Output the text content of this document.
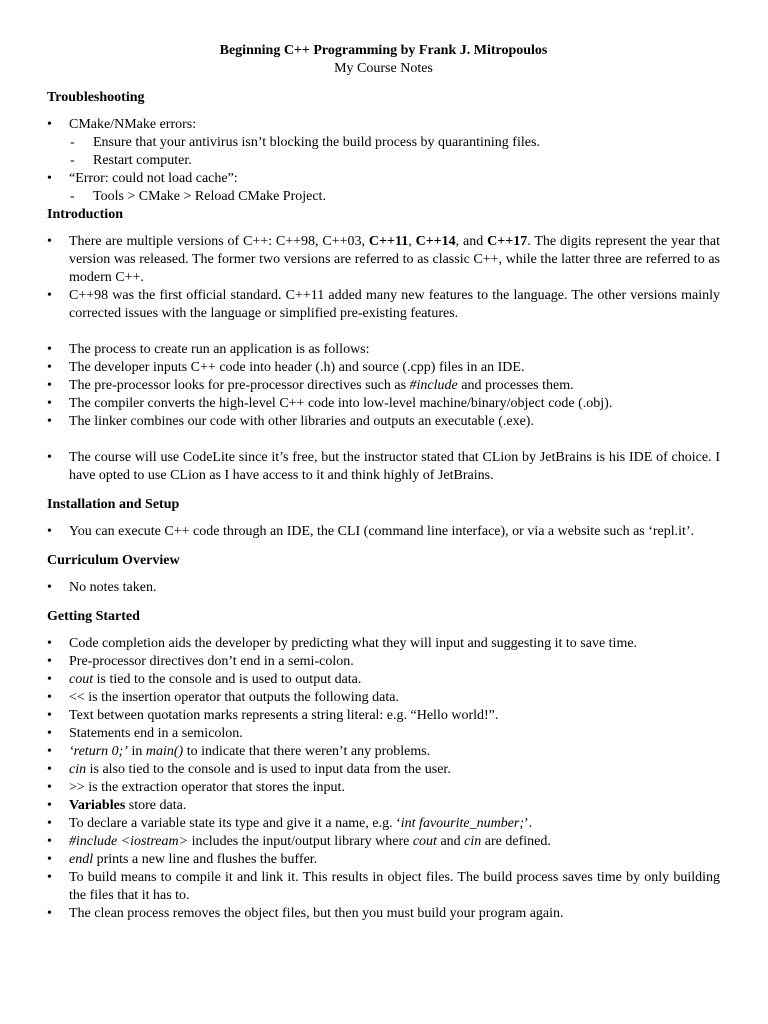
Beginning C++ Programming by Frank J. Mitropoulos
My Course Notes
Troubleshooting
•	CMake/NMake errors:
- Ensure that your antivirus isn’t blocking the build process by quarantining files.
- Restart computer.
•	“Error: could not load cache”:
- Tools > CMake > Reload CMake Project.
Introduction
•	There are multiple versions of C++: C++98, C++03, C++11, C++14, and C++17. The digits represent the year that version was released. The former two versions are referred to as classic C++, while the latter three are referred to as modern C++.
•	C++98 was the first official standard. C++11 added many new features to the language. The other versions mainly corrected issues with the language or simplified pre-existing features.
•	The process to create run an application is as follows:
•	The developer inputs C++ code into header (.h) and source (.cpp) files in an IDE.
•	The pre-processor looks for pre-processor directives such as #include and processes them.
•	The compiler converts the high-level C++ code into low-level machine/binary/object code (.obj).
•	The linker combines our code with other libraries and outputs an executable (.exe).
•	The course will use CodeLite since it’s free, but the instructor stated that CLion by JetBrains is his IDE of choice. I have opted to use CLion as I have access to it and think highly of JetBrains.
Installation and Setup
•	You can execute C++ code through an IDE, the CLI (command line interface), or via a website such as ‘repl.it’.
Curriculum Overview
•	No notes taken.
Getting Started
•	Code completion aids the developer by predicting what they will input and suggesting it to save time.
•	Pre-processor directives don’t end in a semi-colon.
•	cout is tied to the console and is used to output data.
•	<< is the insertion operator that outputs the following data.
•	Text between quotation marks represents a string literal: e.g. “Hello world!”.
•	Statements end in a semicolon.
•	‘return 0;’ in main() to indicate that there weren’t any problems.
•	cin is also tied to the console and is used to input data from the user.
•	>> is the extraction operator that stores the input.
•	Variables store data.
•	To declare a variable state its type and give it a name, e.g. ‘int favourite_number;’.
•	#include <iostream> includes the input/output library where cout and cin are defined.
•	endl prints a new line and flushes the buffer.
•	To build means to compile it and link it. This results in object files. The build process saves time by only building the files that it has to.
•	The clean process removes the object files, but then you must build your program again.
